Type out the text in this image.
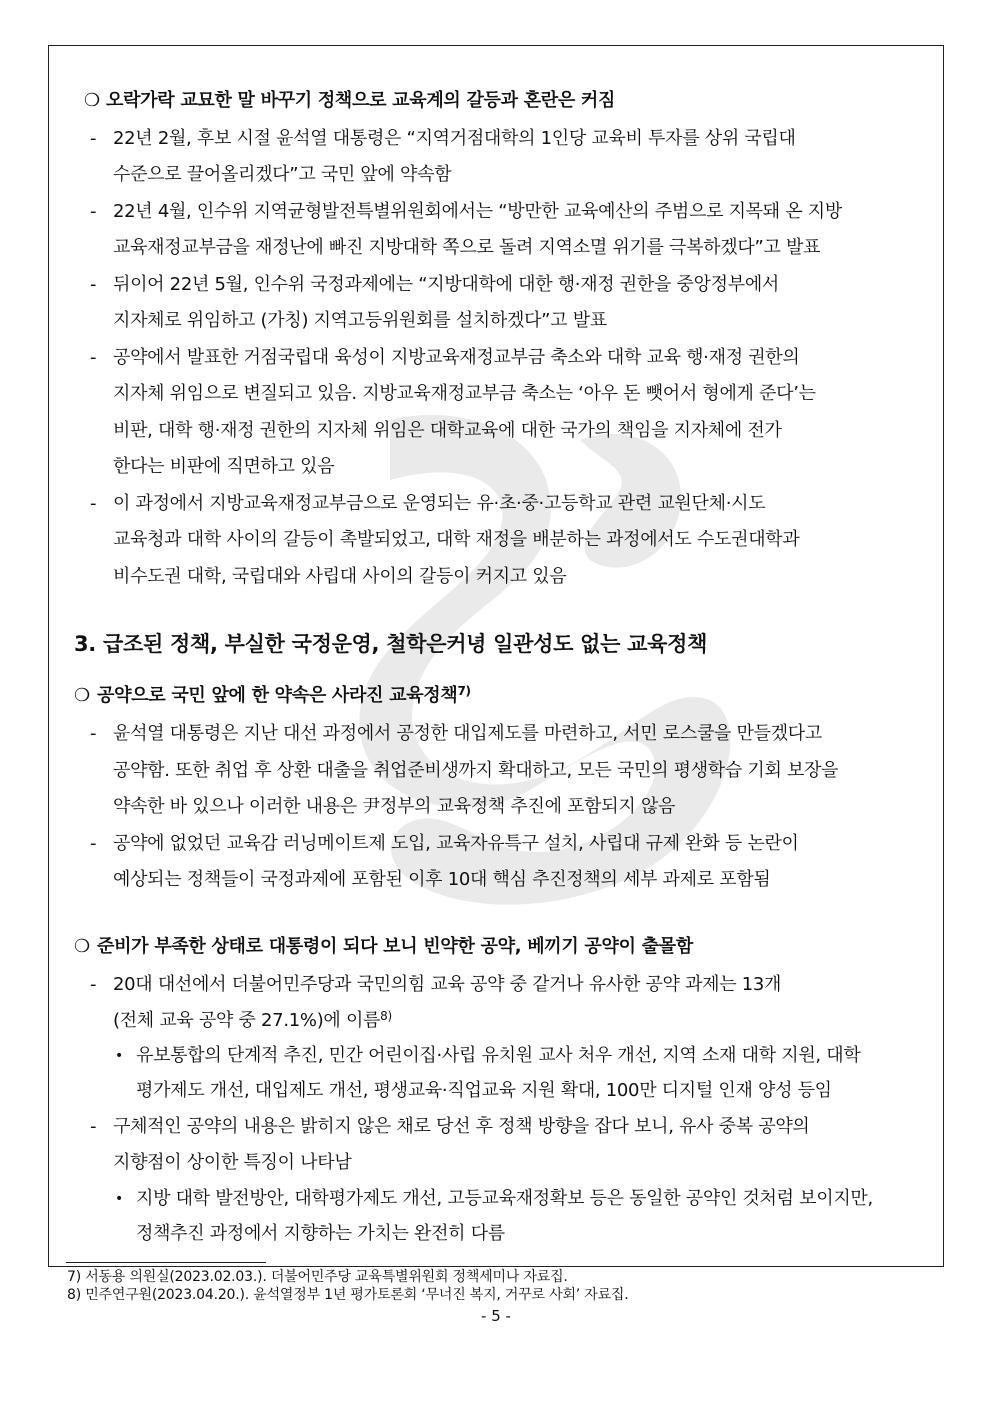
❍ 오락가락 교묘한 말 바꾸기 정책으로 교육계의 갈등과 혼란은 커짐
- 22년 2월, 후보 시절 윤석열 대통령은 “지역거점대학의 1인당 교육비 투자를 상위 국립대
수준으로 끌어올리겠다”고 국민 앞에 약속함
- 22년 4월, 인수위 지역균형발전특별위원회에서는 “방만한 교육예산의 주범으로 지목돼 온 지방
교육재정교부금을 재정난에 빠진 지방대학 쪽으로 돌려 지역소멸 위기를 극복하겠다”고 발표
- 뒤이어 22년 5월, 인수위 국정과제에는 “지방대학에 대한 행·재정 권한을 중앙정부에서
지자체로 위임하고 (가칭) 지역고등위원회를 설치하겠다”고 발표
- 공약에서 발표한 거점국립대 육성이 지방교육재정교부금 축소와 대학 교육 행·재정 권한의
지자체 위임으로 변질되고 있음. 지방교육재정교부금 축소는 ‘아우 돈 뺏어서 형에게 준다’는
비판, 대학 행·재정 권한의 지자체 위임은 대학교육에 대한 국가의 책임을 지자체에 전가
한다는 비판에 직면하고 있음
- 이 과정에서 지방교육재정교부금으로 운영되는 유·초·중·고등학교 관련 교원단체·시도
교육청과 대학 사이의 갈등이 촉발되었고, 대학 재정을 배분하는 과정에서도 수도권대학과
비수도권 대학, 국립대와 사립대 사이의 갈등이 커지고 있음
3. 급조된 정책, 부실한 국정운영, 철학은커녕 일관성도 없는 교육정책
❍ 공약으로 국민 앞에 한 약속은 사라진 교육정책$^{7)}$
- 윤석열 대통령은 지난 대선 과정에서 공정한 대입제도를 마련하고, 서민 로스쿨을 만들겠다고
공약함. 또한 취업 후 상환 대출을 취업준비생까지 확대하고, 모든 국민의 평생학습 기회 보장을
약속한 바 있으나 이러한 내용은 尹정부의 교육정책 추진에 포함되지 않음
- 공약에 없었던 교육감 러닝메이트제 도입, 교육자유특구 설치, 사립대 규제 완화 등 논란이
예상되는 정책들이 국정과제에 포함된 이후 10대 핵심 추진정책의 세부 과제로 포함됨
❍ 준비가 부족한 상태로 대통령이 되다 보니 빈약한 공약, 베끼기 공약이 출몰함
- 20대 대선에서 더불어민주당과 국민의힘 교육 공약 중 같거나 유사한 공약 과제는 13개
(전체 교육 공약 중 27.1%)에 이름$^{8)}$
• 유보통합의 단계적 추진, 민간 어린이집·사립 유치원 교사 처우 개선, 지역 소재 대학 지원, 대학
평가제도 개선, 대입제도 개선, 평생교육·직업교육 지원 확대, 100만 디지털 인재 양성 등임
- 구체적인 공약의 내용은 밝히지 않은 채로 당선 후 정책 방향을 잡다 보니, 유사 중복 공약의
지향점이 상이한 특징이 나타남
• 지방 대학 발전방안, 대학평가제도 개선, 고등교육재정확보 등은 동일한 공약인 것처럼 보이지만,
정책추진 과정에서 지향하는 가치는 완전히 다름
7) 서동용 의원실(2023.02.03.). 더불어민주당 교육특별위원회 정책세미나 자료집.
8) 민주연구원(2023.04.20.). 윤석열정부 1년 평가토론회 ‘무너진 복지, 거꾸로 사회’ 자료집.
- 5 -
